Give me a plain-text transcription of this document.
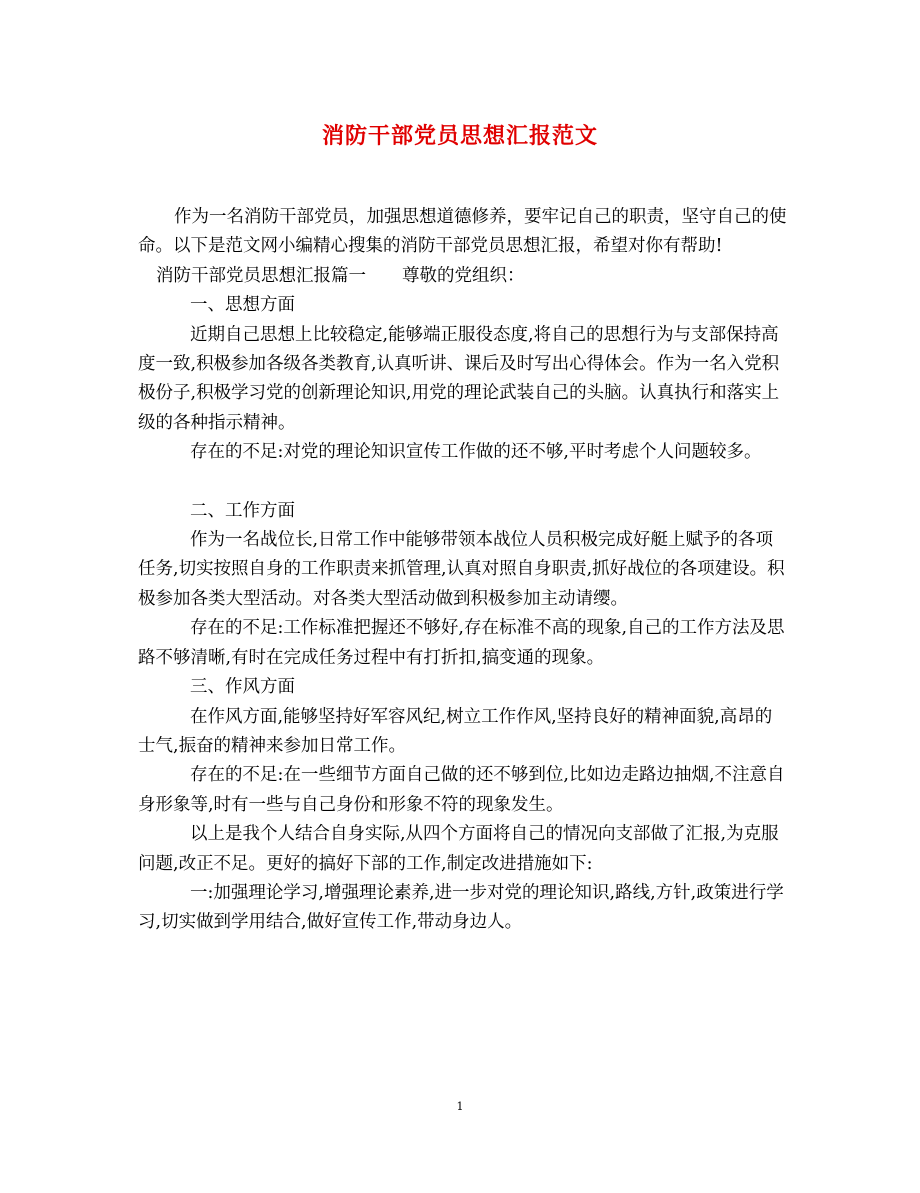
消防干部党员思想汇报范文

作为一名消防干部党员，加强思想道德修养，要牢记自己的职责，坚守自己的使命。以下是范文网小编精心搜集的消防干部党员思想汇报，希望对你有帮助!

消防干部党员思想汇报篇一 尊敬的党组织：

一、思想方面

近期自己思想上比较稳定,能够端正服役态度,将自己的思想行为与支部保持高度一致,积极参加各级各类教育,认真听讲、课后及时写出心得体会。作为一名入党积极份子,积极学习党的创新理论知识,用党的理论武装自己的头脑。认真执行和落实上级的各种指示精神。

存在的不足:对党的理论知识宣传工作做的还不够,平时考虑个人问题较多。

二、工作方面

作为一名战位长,日常工作中能够带领本战位人员积极完成好艇上赋予的各项任务,切实按照自身的工作职责来抓管理,认真对照自身职责,抓好战位的各项建设。积极参加各类大型活动。对各类大型活动做到积极参加主动请缨。

存在的不足:工作标准把握还不够好,存在标准不高的现象,自己的工作方法及思路不够清晰,有时在完成任务过程中有打折扣,搞变通的现象。

三、作风方面

在作风方面,能够坚持好军容风纪,树立工作作风,坚持良好的精神面貌,高昂的士气,振奋的精神来参加日常工作。

存在的不足:在一些细节方面自己做的还不够到位,比如边走路边抽烟,不注意自身形象等,时有一些与自己身份和形象不符的现象发生。

以上是我个人结合自身实际,从四个方面将自己的情况向支部做了汇报,为克服问题,改正不足。更好的搞好下部的工作,制定改进措施如下:

一:加强理论学习,增强理论素养,进一步对党的理论知识,路线,方针,政策进行学习,切实做到学用结合,做好宣传工作,带动身边人。

1
